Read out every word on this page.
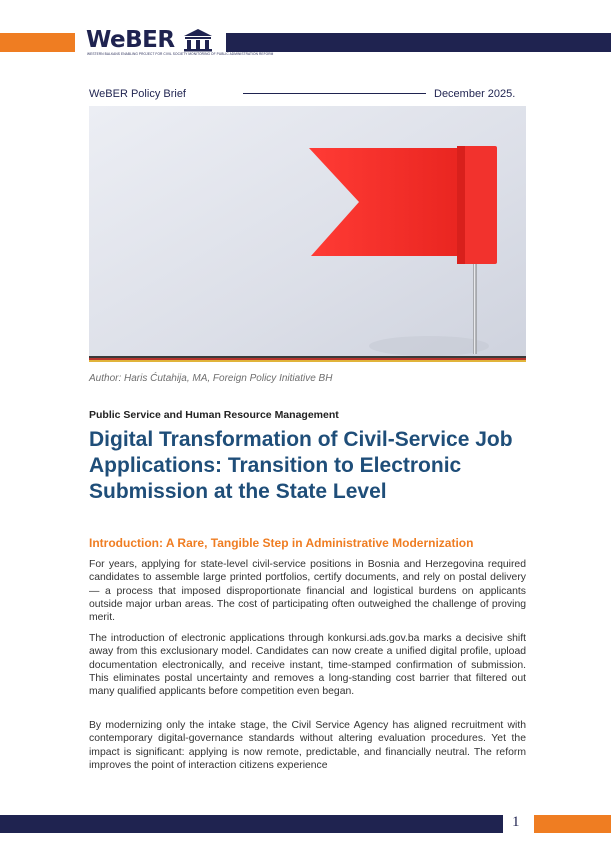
WeBER
WESTERN BALKANS ENABLING PROJECT FOR CIVIL SOCIETY MONITORING OF PUBLIC ADMINISTRATION REFORM
WeBER Policy Brief	December 2025.
Author: Haris Ćutahija, MA, Foreign Policy Initiative BH
Public Service and Human Resource Management
Digital Transformation of Civil-Service Job Applications: Transition to Electronic Submission at the State Level
Introduction: A Rare, Tangible Step in Administrative Modernization

For years, applying for state-level civil-service positions in Bosnia and Herzegovina required candidates to assemble large printed portfolios, certify documents, and rely on postal delivery — a process that imposed disproportionate financial and logistical burdens on applicants outside major urban areas. The cost of participating often outweighed the challenge of proving merit.

The introduction of electronic applications through konkursi.ads.gov.ba marks a decisive shift away from this exclusionary model. Candidates can now create a unified digital profile, upload documentation electronically, and receive instant, time-stamped confirmation of submission. This eliminates postal uncertainty and removes a long-standing cost barrier that filtered out many qualified applicants before competition even began.

By modernizing only the intake stage, the Civil Service Agency has aligned recruitment with contemporary digital-governance standards without altering evaluation procedures. Yet the impact is significant: applying is now remote, predictable, and financially neutral. The reform improves the point of interaction citizens experience

1
